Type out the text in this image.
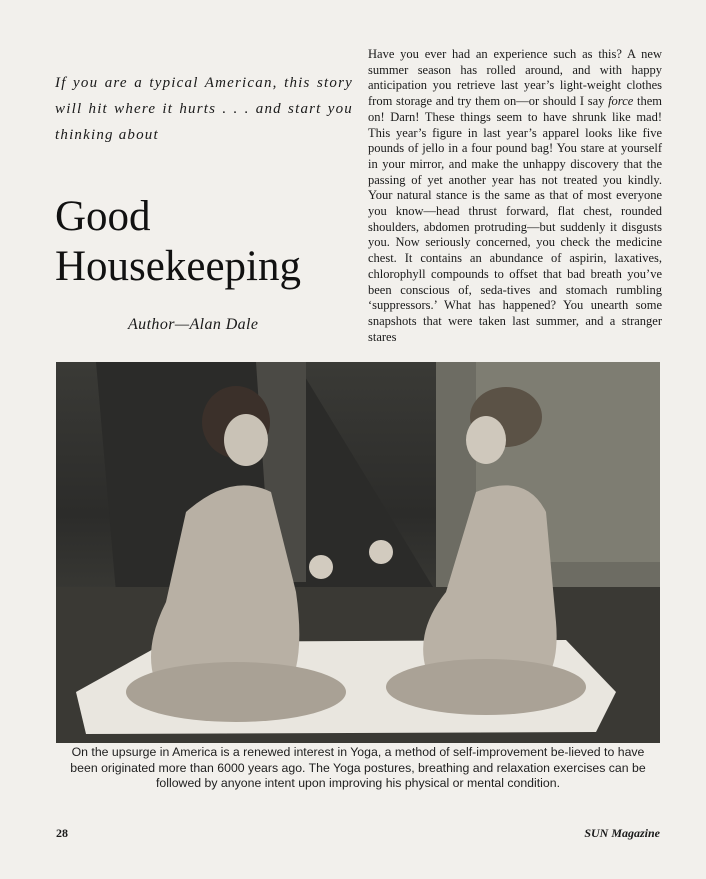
If you are a typical American, this story will hit where it hurts . . . and start you thinking about

Good
Housekeeping

Author—Alan Dale

Have you ever had an experience such as this? A new summer season has rolled around, and with happy anticipation you retrieve last year’s light-weight clothes from storage and try them on—or should I say force them on! Darn! These things seem to have shrunk like mad! This year’s figure in last year’s apparel looks like five pounds of jello in a four pound bag! You stare at yourself in your mirror, and make the unhappy discovery that the passing of yet another year has not treated you kindly. Your natural stance is the same as that of most everyone you know—head thrust forward, flat chest, rounded shoulders, abdomen protruding—but suddenly it disgusts you. Now seriously concerned, you check the medicine chest. It contains an abundance of aspirin, laxatives, chlorophyll compounds to offset that bad breath you’ve been conscious of, seda-tives and stomach rumbling ‘suppressors.’ What has happened? You unearth some snapshots that were taken last summer, and a stranger stares

On the upsurge in America is a renewed interest in Yoga, a method of self-improvement be-lieved to have been originated more than 6000 years ago. The Yoga postures, breathing and relaxation exercises can be followed by anyone intent upon improving his physical or mental condition.

28	SUN Magazine
